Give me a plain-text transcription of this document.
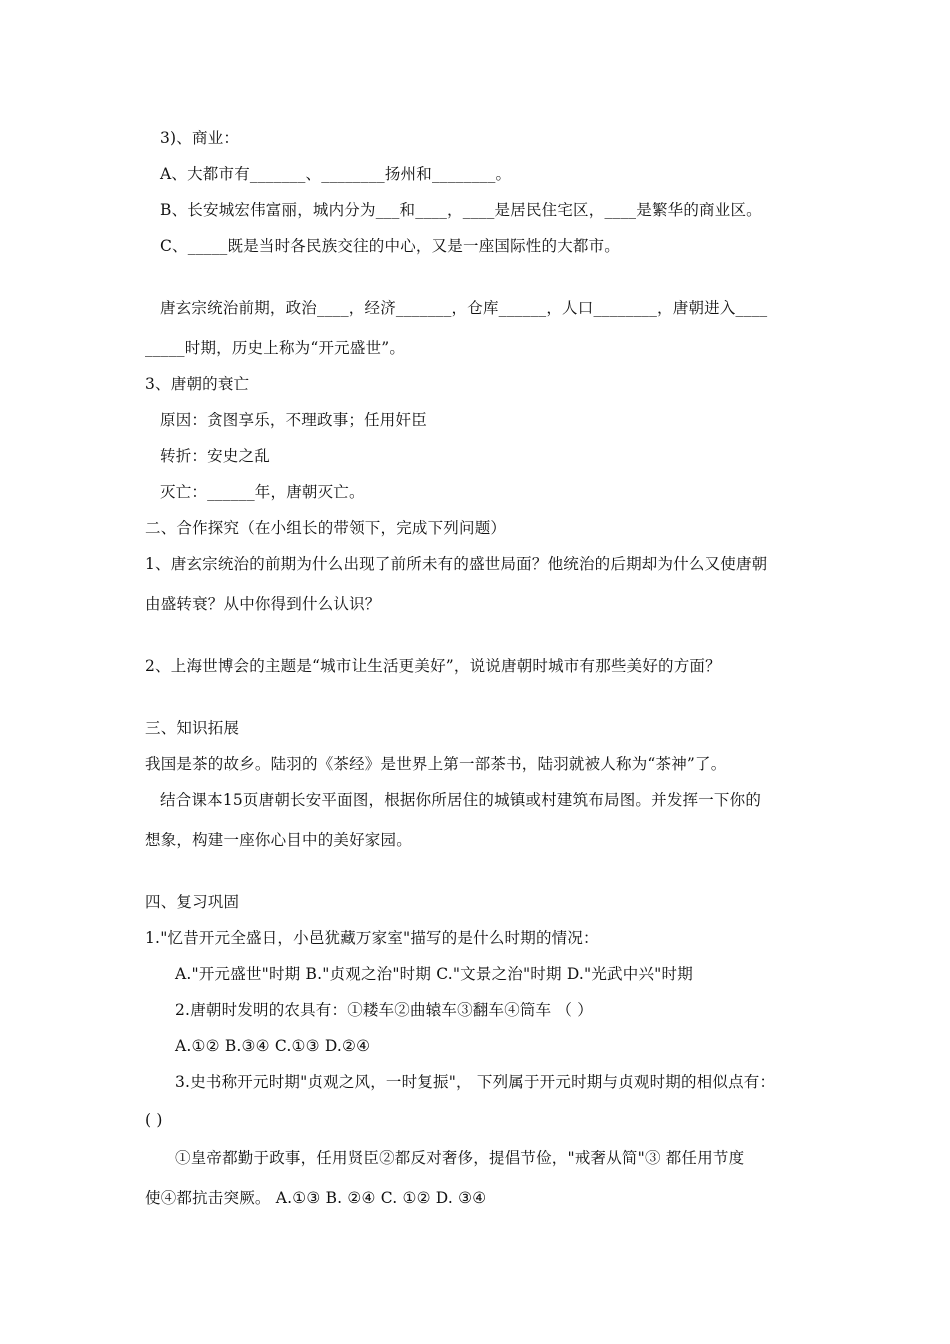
3)、商业：
A、大都市有_______、________扬州和________。
B、长安城宏伟富丽，城内分为___和____，____是居民住宅区，____是繁华的商业区。
C、_____既是当时各民族交往的中心，又是一座国际性的大都市。
唐玄宗统治前期，政治____，经济_______，仓库______，人口________，唐朝进入____
_____时期，历史上称为“开元盛世”。
3、唐朝的衰亡
原因：贪图享乐，不理政事；任用奸臣
转折：安史之乱
灭亡：______年，唐朝灭亡。
二、合作探究（在小组长的带领下，完成下列问题）
1、唐玄宗统治的前期为什么出现了前所未有的盛世局面？他统治的后期却为什么又使唐朝
由盛转衰？从中你得到什么认识？
2、上海世博会的主题是“城市让生活更美好”，说说唐朝时城市有那些美好的方面？
三、知识拓展
我国是茶的故乡。陆羽的《茶经》是世界上第一部茶书，陆羽就被人称为“茶神”了。
结合课本15页唐朝长安平面图，根据你所居住的城镇或村建筑布局图。并发挥一下你的
想象，构建一座你心目中的美好家园。
四、复习巩固
1."忆昔开元全盛日，小邑犹藏万家室"描写的是什么时期的情况：
A."开元盛世"时期 B."贞观之治"时期 C."文景之治"时期 D."光武中兴"时期
2.唐朝时发明的农具有：①耧车②曲辕车③翻车④筒车 （ ）
A.①② B.③④ C.①③ D.②④
3.史书称开元时期"贞观之风，一时复振"， 下列属于开元时期与贞观时期的相似点有：
( )
①皇帝都勤于政事，任用贤臣②都反对奢侈，提倡节俭，"戒奢从简"③ 都任用节度
使④都抗击突厥。 A.①③ B. ②④ C. ①② D. ③④
